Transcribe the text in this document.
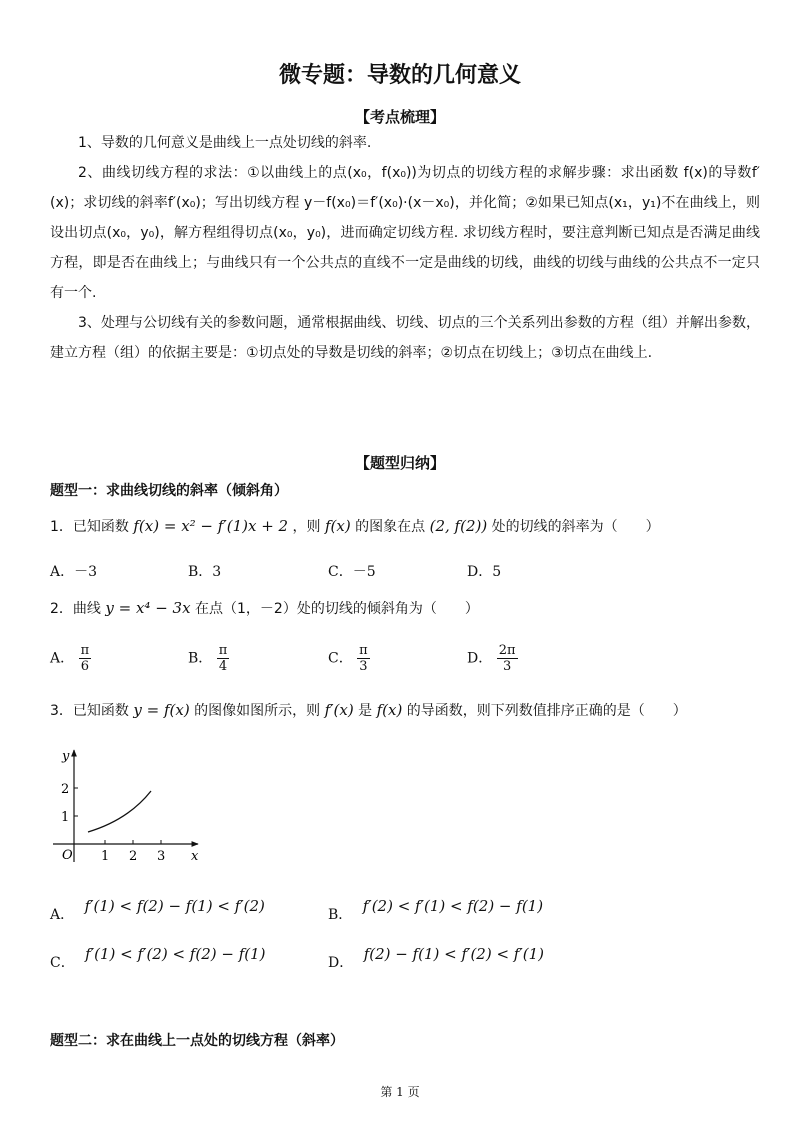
微专题：导数的几何意义
【考点梳理】

1、导数的几何意义是曲线上一点处切线的斜率.

2、曲线切线方程的求法：①以曲线上的点(x₀，f(x₀))为切点的切线方程的求解步骤：求出函数 f(x)的导数f′(x)；求切线的斜率f′(x₀)；写出切线方程 y－f(x₀)＝f′(x₀)·(x－x₀)，并化简；②如果已知点(x₁，y₁)不在曲线上，则设出切点(x₀，y₀)，解方程组得切点(x₀，y₀)，进而确定切线方程. 求切线方程时，要注意判断已知点是否满足曲线方程，即是否在曲线上；与曲线只有一个公共点的直线不一定是曲线的切线，曲线的切线与曲线的公共点不一定只有一个.

3、处理与公切线有关的参数问题，通常根据曲线、切线、切点的三个关系列出参数的方程（组）并解出参数，建立方程（组）的依据主要是：①切点处的导数是切线的斜率；②切点在切线上；③切点在曲线上.

【题型归纳】
题型一：求曲线切线的斜率（倾斜角）
1．已知函数 f(x) = x² − f′(1)x + 2 ，则 f(x) 的图象在点 (2, f(2)) 处的切线的斜率为（　　）
A．－3	B．3	C．－5	D．5
2．曲线 y = x⁴ − 3x 在点（1，－2）处的切线的倾斜角为（　　）
A． $\frac{\pi}{6}$	B． $\frac{\pi}{4}$	C． $\frac{\pi}{3}$	D． $\frac{2\pi}{3}$
3．已知函数 y = f(x) 的图像如图所示，则 f′(x) 是 f(x) 的导函数，则下列数值排序正确的是（　　）
y
x
O 1 2 3
1
2
A． f′(1) < f(2) − f(1) < f′(2)	B． f′(2) < f′(1) < f(2) − f(1)
C． f′(1) < f′(2) < f(2) − f(1)	D． f(2) − f(1) < f′(2) < f′(1)
题型二：求在曲线上一点处的切线方程（斜率）
第 1 页
